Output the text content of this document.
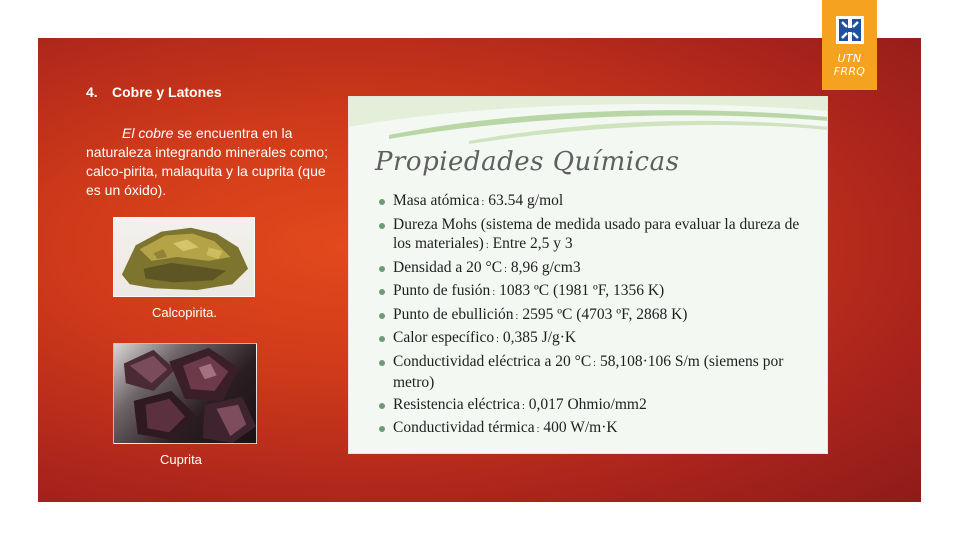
UTN
FRRQ
4. Cobre y Latones

El cobre se encuentra en la naturaleza integrando minerales como; calco-pirita, malaquita y la cuprita (que es un óxido).

Calcopirita.
Cuprita
Propiedades Químicas
Masa atómica : 63.54 g/mol
Dureza Mohs (sistema de medida usado para evaluar la dureza de los materiales) : Entre 2,5 y 3
Densidad a 20 °C : 8,96 g/cm3
Punto de fusión : 1083 ºC (1981 ºF, 1356 K)
Punto de ebullición : 2595 ºC (4703 ºF, 2868 K)
Calor específico : 0,385 J/g·K
Conductividad eléctrica a 20 °C : 58,108·106 S/m (siemens por metro)
Resistencia eléctrica : 0,017 Ohmio/mm2
Conductividad térmica : 400 W/m·K
